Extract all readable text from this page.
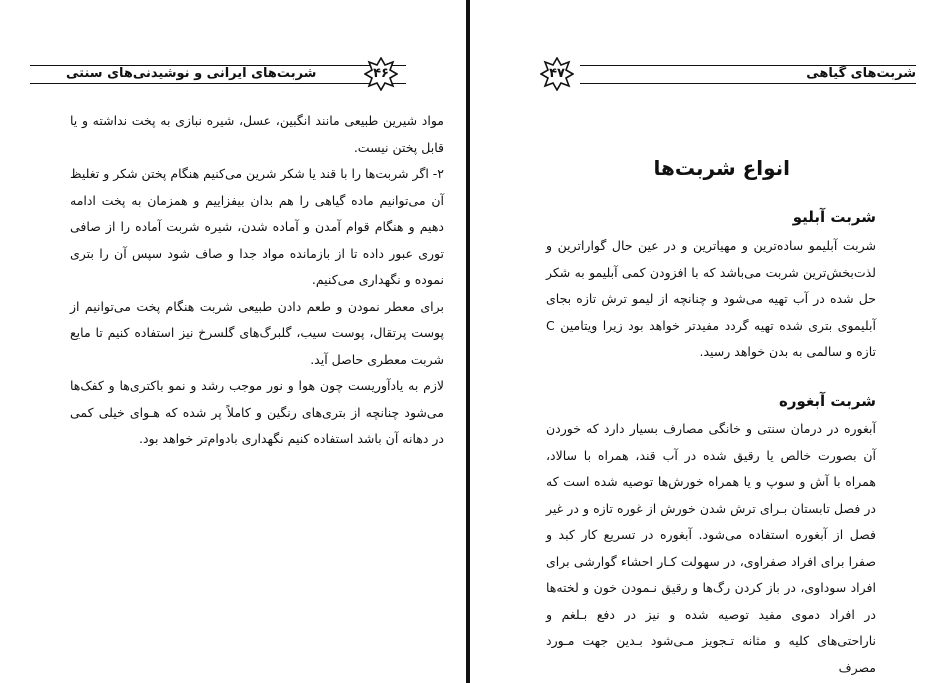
شربت‌های ایرانی و نوشیدنی‌های سنتی	۴۶

مواد شیرین طبیعی مانند انگبین، عسل، شیره نبازی به پخت نداشته و یا قابل پختن نیست.

۲- اگر شربت‌ها را با قند یا شکر شرین می‌کنیم هنگام پختن شکر و تغلیظ آن می‌توانیم ماده گیاهی را هم بدان بیفزاییم و همزمان به پخت ادامه دهیم و هنگام قوام آمدن و آماده شدن، شیره شربت آماده را از صافی توری عبور داده تا از بازمانده مواد جدا و صاف شود سپس آن را بتری نموده و نگهداری می‌کنیم.

برای معطر نمودن و طعم دادن طبیعی شربت هنگام پخت می‌توانیم از پوست پرتقال، پوست سیب، گلبرگ‌های گلسرخ نیز استفاده کنیم تا مایع شربت معطری حاصل آید.

لازم به یادآوریست چون هوا و نور موجب رشد و نمو باکتری‌ها و کفک‌ها می‌شود چنانچه از بتری‌های رنگین و کاملاً پر شده که هـوای خیلی کمی در دهانه آن باشد استفاده کنیم نگهداری بادوام‌تر خواهد بود.

شربت‌های گیاهی
۴۷
انواع شربت‌ها
شربت آبلیو
شربت آبلیمو ساده‌ترین و مهیاترین و در عین حال گواراترین و لذت‌بخش‌ترین شربت می‌باشد که با افزودن کمی آبلیمو به شکر حل شده در آب تهیه می‌شود و چنانچه از لیمو ترش تازه بجای آبلیموی بتری شده تهیه گردد مفیدتر خواهد بود زیرا ویتامین C تازه و سالمی به بدن خواهد رسید.
شربت آبغوره
آبغوره در درمان سنتی و خانگی مصارف بسیار دارد که خوردن آن بصورت خالص یا رقیق شده در آب قند، همراه با سالاد، همراه با آش و سوپ و یا همراه خورش‌ها توصیه شده است که در فصل تابستان بـرای ترش شدن خورش از غوره تازه و در غیر فصل از آبغوره استفاده می‌شود. آبغوره در تسریع کار کبد و صفرا برای افراد صفراوی، در سهولت کـار احشاء گوارشی برای افراد سوداوی، در باز کردن رگ‌ها و رقیق نـمودن خون و لخته‌ها در افراد دموی مفید توصیه شده و نیز در دفع بـلغم و ناراحتی‌های کلیه و مثانه تـجویز مـی‌شود بـدین جهت مـورد مصرف
